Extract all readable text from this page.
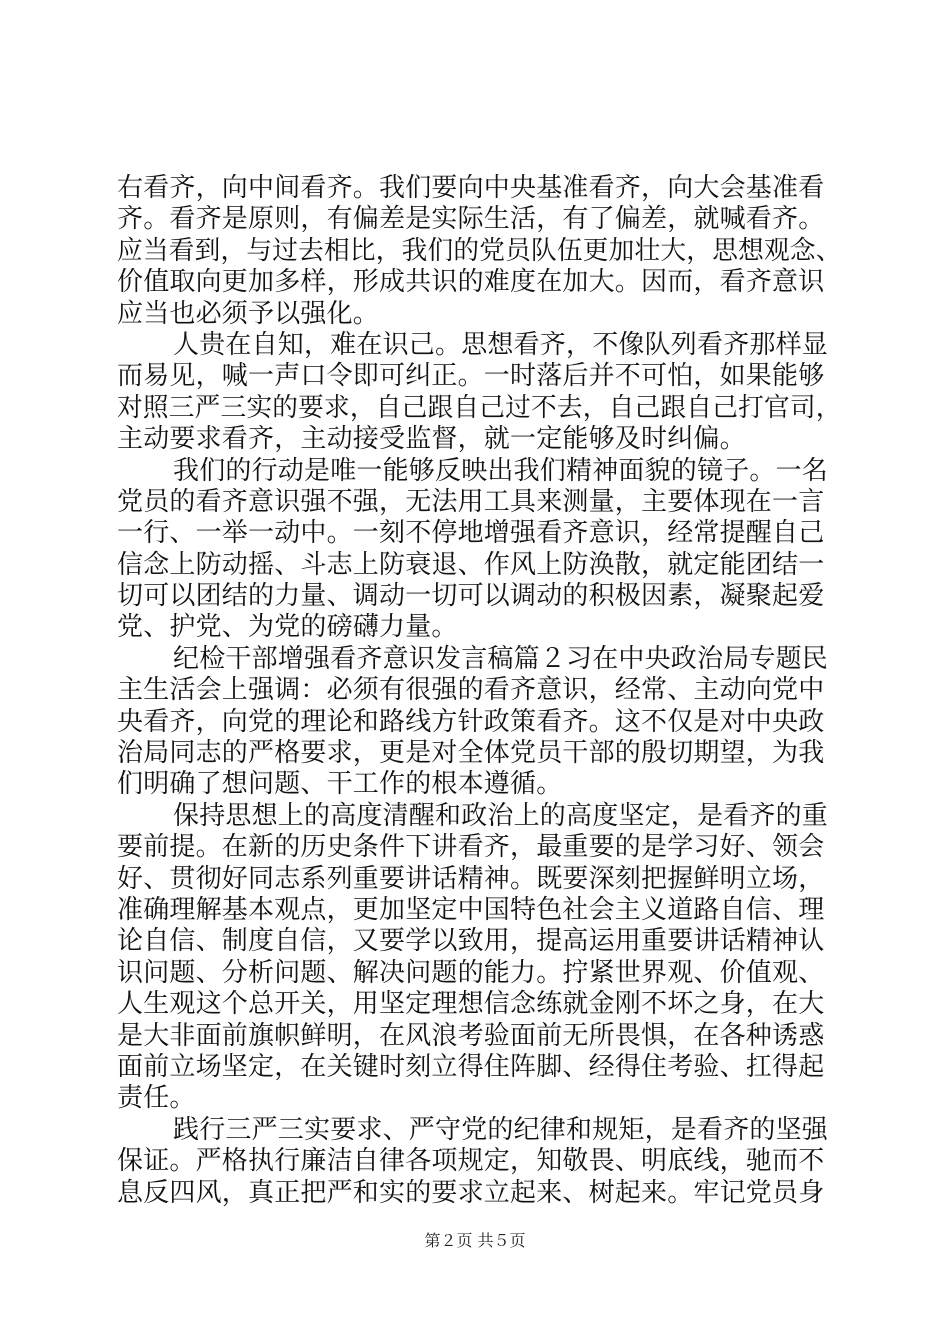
右看齐，向中间看齐。我们要向中央基准看齐，向大会基准看
齐。看齐是原则，有偏差是实际生活，有了偏差，就喊看齐。
应当看到，与过去相比，我们的党员队伍更加壮大，思想观念、
价值取向更加多样，形成共识的难度在加大。因而，看齐意识
应当也必须予以强化。
人贵在自知，难在识己。思想看齐，不像队列看齐那样显
而易见，喊一声口令即可纠正。一时落后并不可怕，如果能够
对照三严三实的要求，自己跟自己过不去，自己跟自己打官司，
主动要求看齐，主动接受监督，就一定能够及时纠偏。
我们的行动是唯一能够反映出我们精神面貌的镜子。一名
党员的看齐意识强不强，无法用工具来测量，主要体现在一言
一行、一举一动中。一刻不停地增强看齐意识，经常提醒自己
信念上防动摇、斗志上防衰退、作风上防涣散，就定能团结一
切可以团结的力量、调动一切可以调动的积极因素，凝聚起爱
党、护党、为党的磅礴力量。
纪检干部增强看齐意识发言稿篇２习在中央政治局专题民
主生活会上强调：必须有很强的看齐意识，经常、主动向党中
央看齐，向党的理论和路线方针政策看齐。这不仅是对中央政
治局同志的严格要求，更是对全体党员干部的殷切期望，为我
们明确了想问题、干工作的根本遵循。
保持思想上的高度清醒和政治上的高度坚定，是看齐的重
要前提。在新的历史条件下讲看齐，最重要的是学习好、领会
好、贯彻好同志系列重要讲话精神。既要深刻把握鲜明立场，
准确理解基本观点，更加坚定中国特色社会主义道路自信、理
论自信、制度自信，又要学以致用，提高运用重要讲话精神认
识问题、分析问题、解决问题的能力。拧紧世界观、价值观、
人生观这个总开关，用坚定理想信念练就金刚不坏之身，在大
是大非面前旗帜鲜明，在风浪考验面前无所畏惧，在各种诱惑
面前立场坚定，在关键时刻立得住阵脚、经得住考验、扛得起
责任。
践行三严三实要求、严守党的纪律和规矩，是看齐的坚强
保证。严格执行廉洁自律各项规定，知敬畏、明底线，驰而不
息反四风，真正把严和实的要求立起来、树起来。牢记党员身
第２页 共５页
